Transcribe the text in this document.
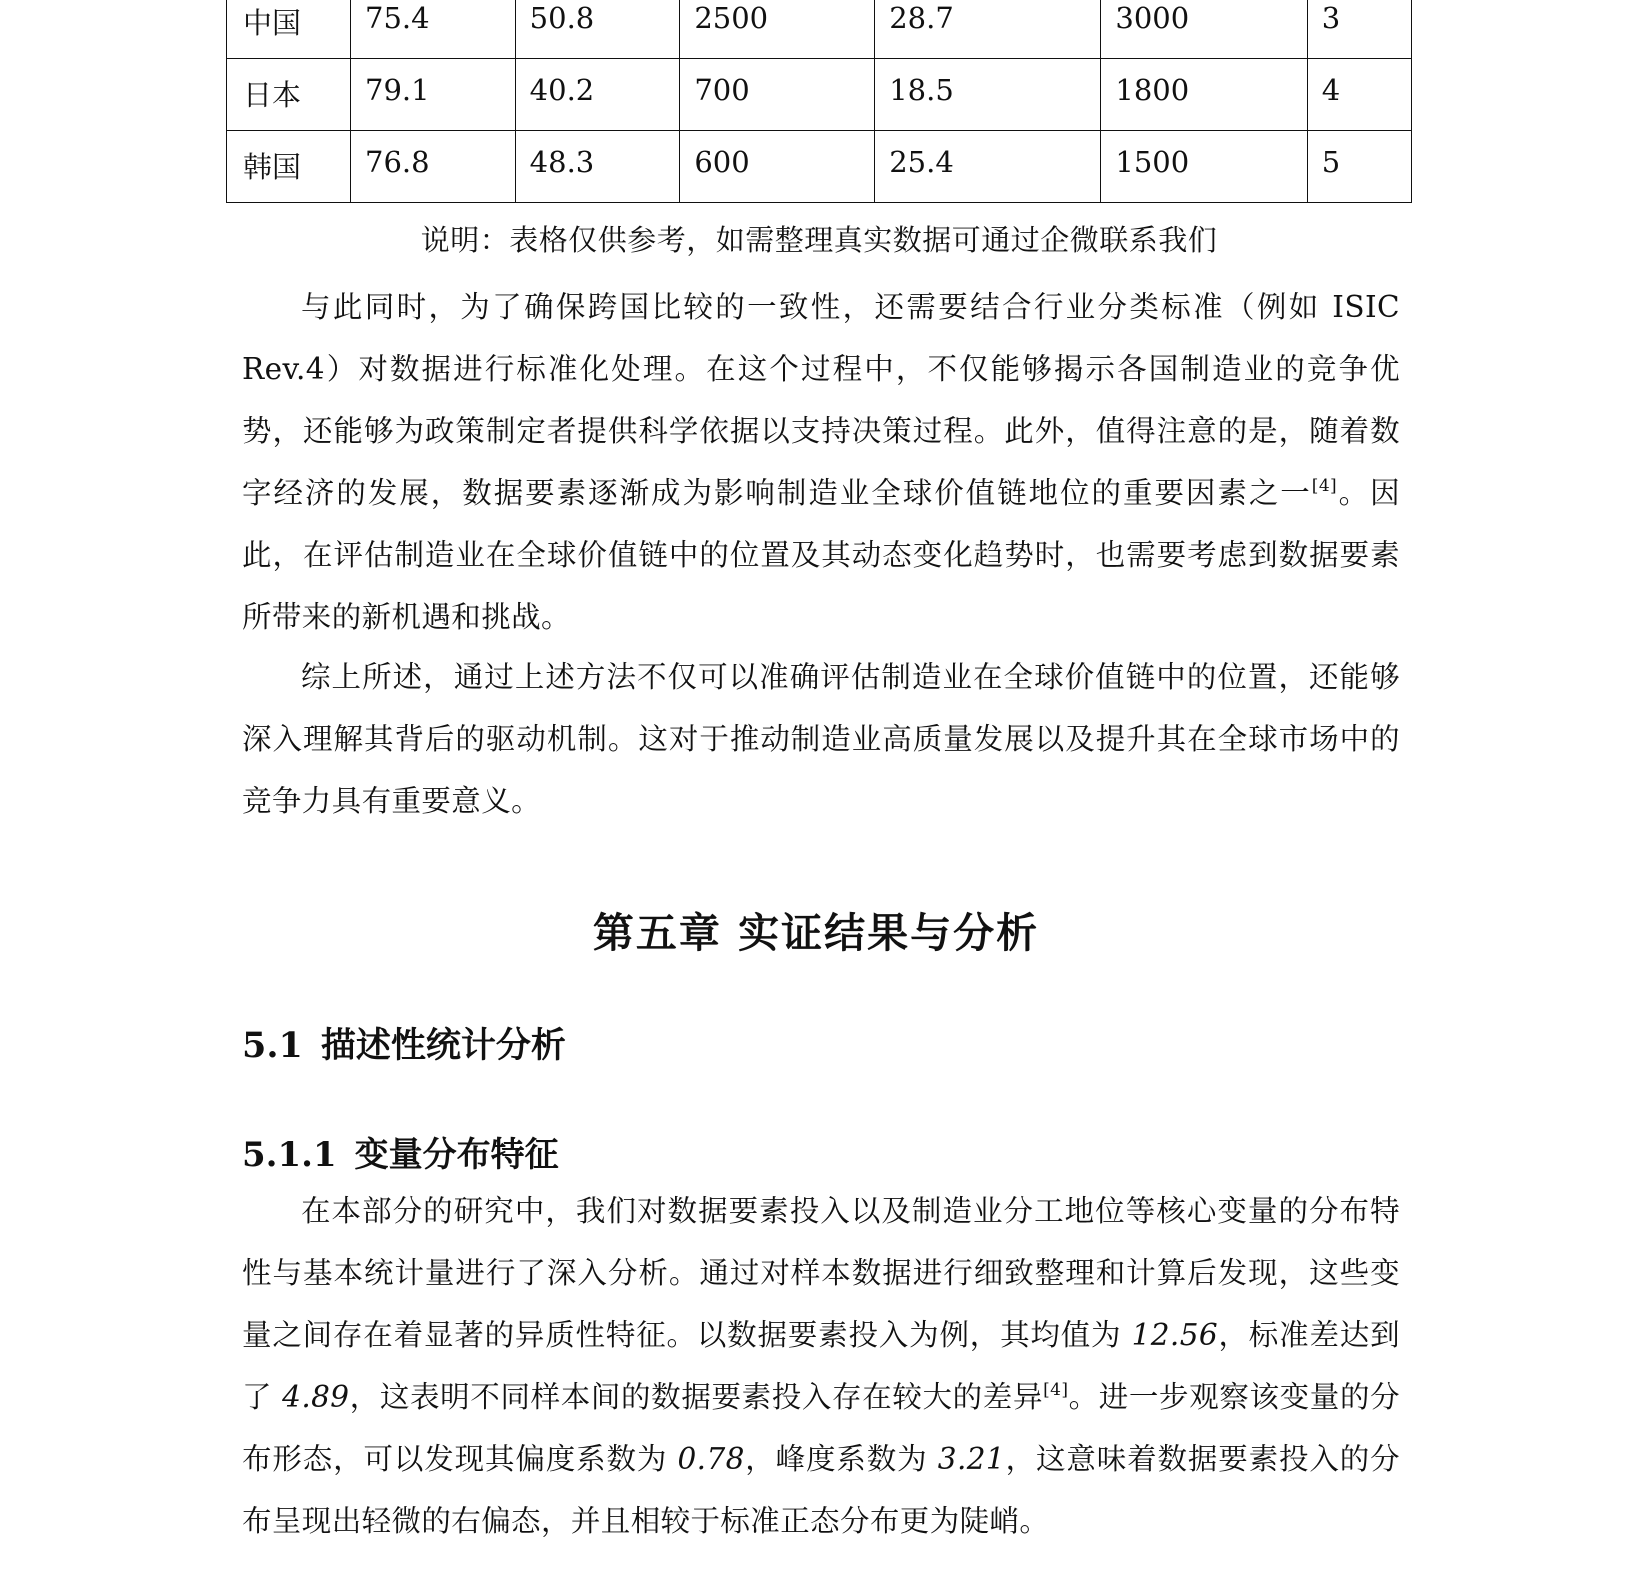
中国	75.4	50.8	2500	28.7	3000	3
日本	79.1	40.2	700	18.5	1800	4
韩国	76.8	48.3	600	25.4	1500	5
说明：表格仅供参考，如需整理真实数据可通过企微联系我们

与此同时，为了确保跨国比较的一致性，还需要结合行业分类标准（例如 ISIC Rev.4）对数据进行标准化处理。在这个过程中，不仅能够揭示各国制造业的竞争优势，还能够为政策制定者提供科学依据以支持决策过程。此外，值得注意的是，随着数字经济的发展，数据要素逐渐成为影响制造业全球价值链地位的重要因素之一[4]。因此，在评估制造业在全球价值链中的位置及其动态变化趋势时，也需要考虑到数据要素所带来的新机遇和挑战。

综上所述，通过上述方法不仅可以准确评估制造业在全球价值链中的位置，还能够深入理解其背后的驱动机制。这对于推动制造业高质量发展以及提升其在全球市场中的竞争力具有重要意义。

第五章 实证结果与分析
5.1 描述性统计分析
5.1.1 变量分布特征

在本部分的研究中，我们对数据要素投入以及制造业分工地位等核心变量的分布特性与基本统计量进行了深入分析。通过对样本数据进行细致整理和计算后发现，这些变量之间存在着显著的异质性特征。以数据要素投入为例，其均值为 12.56，标准差达到了 4.89，这表明不同样本间的数据要素投入存在较大的差异[4]。进一步观察该变量的分布形态，可以发现其偏度系数为 0.78，峰度系数为 3.21，这意味着数据要素投入的分布呈现出轻微的右偏态，并且相较于标准正态分布更为陡峭。
